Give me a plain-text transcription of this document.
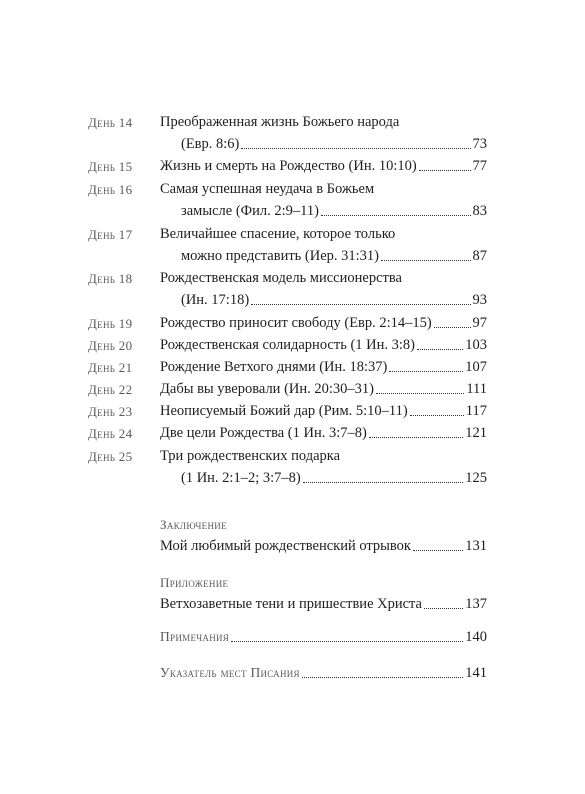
День 14 Преображенная жизнь Божьего народа
(Евр. 8:6)	73
День 15 Жизнь и смерть на Рождество (Ин. 10:10)	77
День 16 Самая успешная неудача в Божьем
замысле (Фил. 2:9–11)	83
День 17 Величайшее спасение, которое только
можно представить (Иер. 31:31)	87
День 18 Рождественская модель миссионерства
(Ин. 17:18)	93
День 19 Рождество приносит свободу (Евр. 2:14–15)	97
День 20 Рождественская солидарность (1 Ин. 3:8)	103
День 21 Рождение Ветхого днями (Ин. 18:37)	107
День 22 Дабы вы уверовали (Ин. 20:30–31)	111
День 23 Неописуемый Божий дар (Рим. 5:10–11)	117
День 24 Две цели Рождества (1 Ин. 3:7–8)	121
День 25 Три рождественских подарка
(1 Ин. 2:1–2; 3:7–8)	125
Заключение
Мой любимый рождественский отрывок	131
Приложение
Ветхозаветные тени и пришествие Христа	137
Примечания	140
Указатель мест Писания	141
